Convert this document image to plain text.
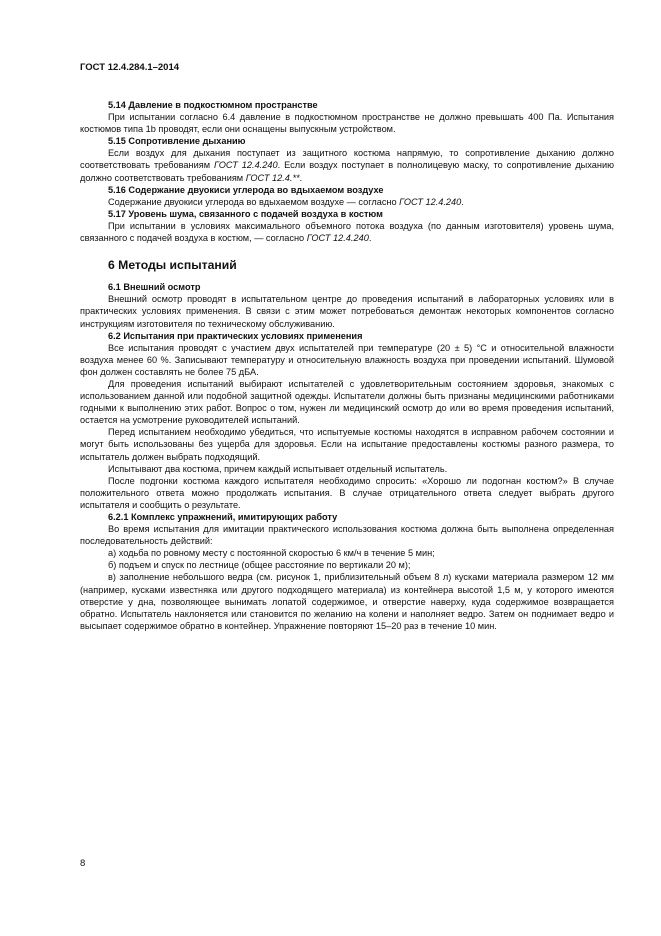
ГОСТ 12.4.284.1–2014

5.14 Давление в подкостюмном пространстве

При испытании согласно 6.4 давление в подкостюмном пространстве не должно превышать 400 Па. Испытания костюмов типа 1b проводят, если они оснащены выпускным устройством.

5.15 Сопротивление дыханию

Если воздух для дыхания поступает из защитного костюма напрямую, то сопротивление дыханию должно соответствовать требованиям ГОСТ 12.4.240. Если воздух поступает в полнолицевую маску, то сопротивление дыханию должно соответствовать требованиям ГОСТ 12.4.**.

5.16 Содержание двуокиси углерода во вдыхаемом воздухе

Содержание двуокиси углерода во вдыхаемом воздухе — согласно ГОСТ 12.4.240.

5.17 Уровень шума, связанного с подачей воздуха в костюм

При испытании в условиях максимального объемного потока воздуха (по данным изготовителя) уровень шума, связанного с подачей воздуха в костюм, — согласно ГОСТ 12.4.240.

6 Методы испытаний

6.1 Внешний осмотр

Внешний осмотр проводят в испытательном центре до проведения испытаний в лабораторных условиях или в практических условиях применения. В связи с этим может потребоваться демонтаж некоторых компонентов согласно инструкциям изготовителя по техническому обслуживанию.

6.2 Испытания при практических условиях применения

Все испытания проводят с участием двух испытателей при температуре (20 ± 5) °С и относительной влажности воздуха менее 60 %. Записывают температуру и относительную влажность воздуха при проведении испытаний. Шумовой фон должен составлять не более 75 дБА.

Для проведения испытаний выбирают испытателей с удовлетворительным состоянием здоровья, знакомых с использованием данной или подобной защитной одежды. Испытатели должны быть признаны медицинскими работниками годными к выполнению этих работ. Вопрос о том, нужен ли медицинский осмотр до или во время проведения испытаний, остается на усмотрение руководителей испытаний.

Перед испытанием необходимо убедиться, что испытуемые костюмы находятся в исправном рабочем состоянии и могут быть использованы без ущерба для здоровья. Если на испытание предоставлены костюмы разного размера, то испытатель должен выбрать подходящий.

Испытывают два костюма, причем каждый испытывает отдельный испытатель.

После подгонки костюма каждого испытателя необходимо спросить: «Хорошо ли подогнан костюм?» В случае положительного ответа можно продолжать испытания. В случае отрицательного ответа следует выбрать другого испытателя и сообщить о результате.

6.2.1 Комплекс упражнений, имитирующих работу

Во время испытания для имитации практического использования костюма должна быть выполнена определенная последовательность действий:

а) ходьба по ровному месту с постоянной скоростью 6 км/ч в течение 5 мин;

б) подъем и спуск по лестнице (общее расстояние по вертикали 20 м);

в) заполнение небольшого ведра (см. рисунок 1, приблизительный объем 8 л) кусками материала размером 12 мм (например, кусками известняка или другого подходящего материала) из контейнера высотой 1,5 м, у которого имеются отверстие у дна, позволяющее вынимать лопатой содержимое, и отверстие наверху, куда содержимое возвращается обратно. Испытатель наклоняется или становится по желанию на колени и наполняет ведро. Затем он поднимает ведро и высыпает содержимое обратно в контейнер. Упражнение повторяют 15–20 раз в течение 10 мин.

8
